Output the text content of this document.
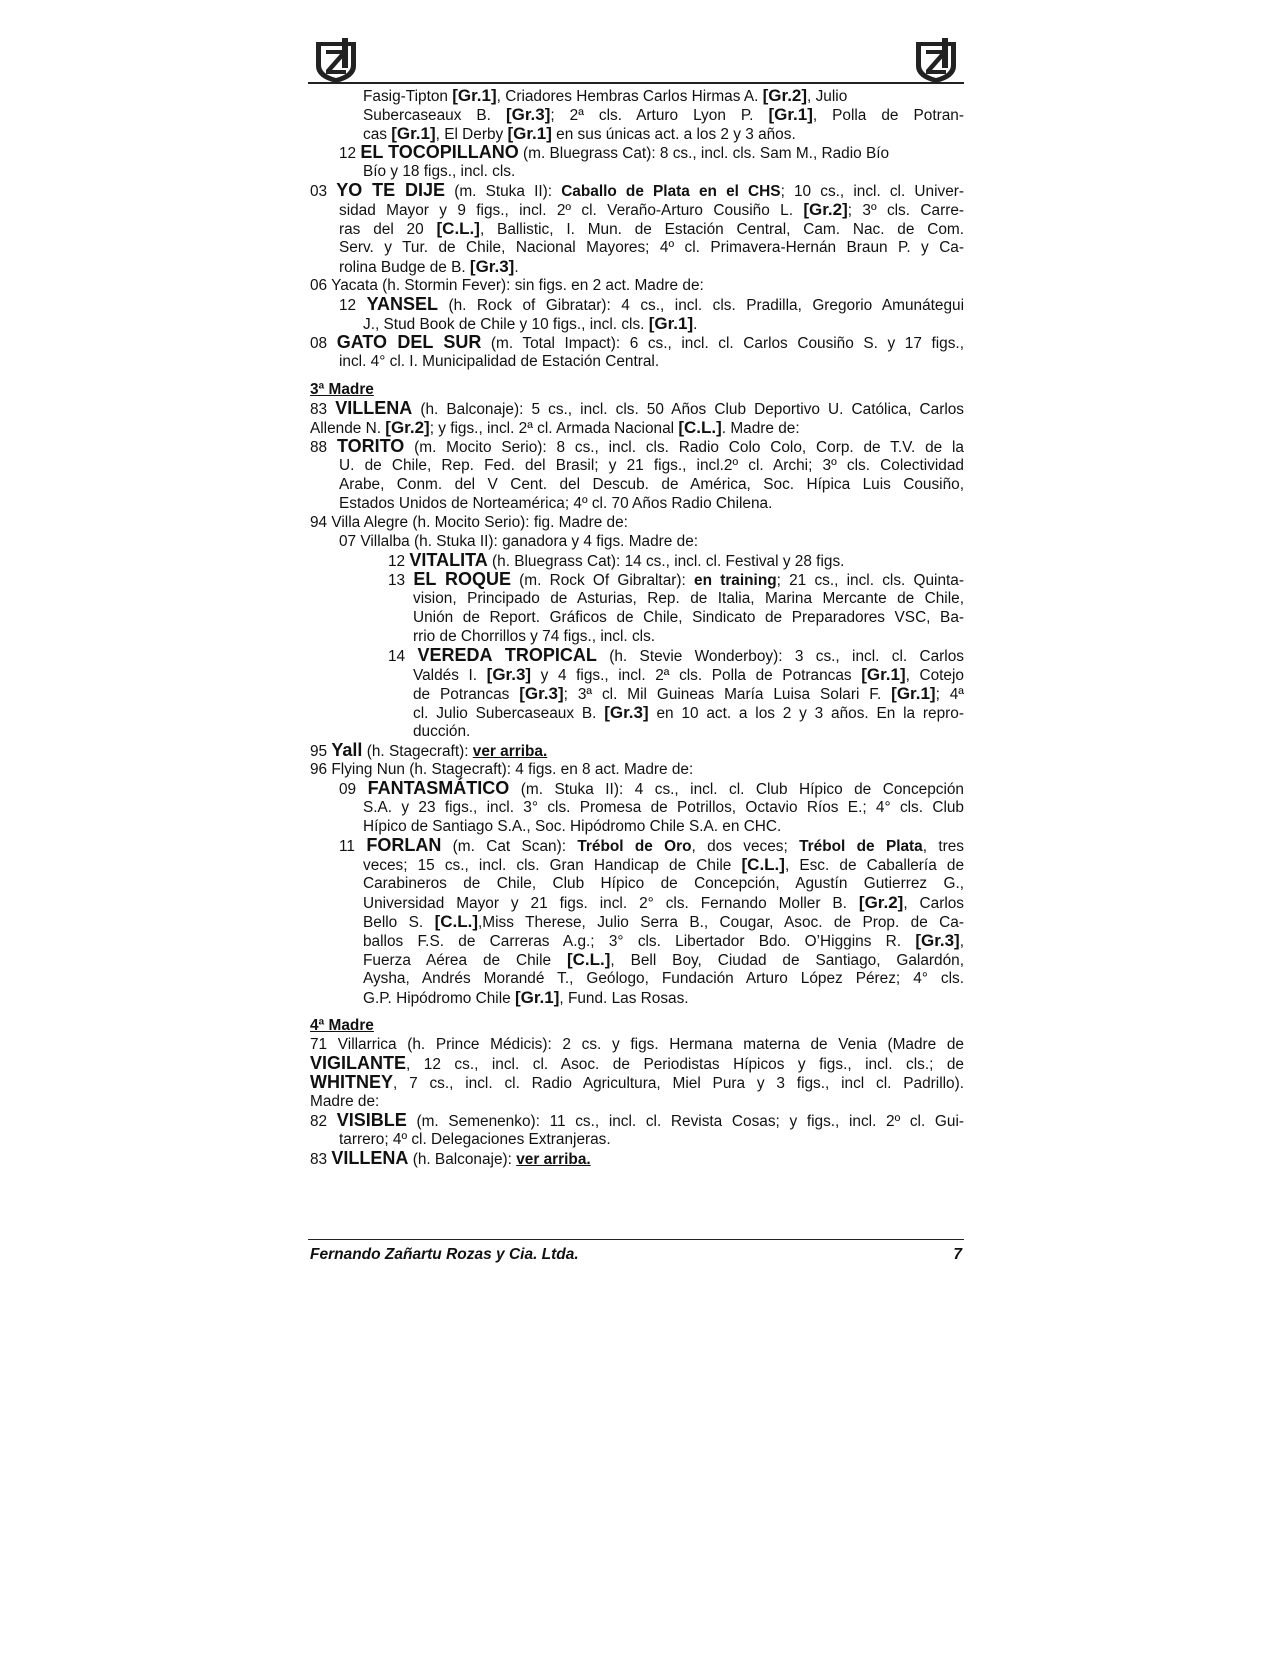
Fasig-Tipton [Gr.1], Criadores Hembras Carlos Hirmas A. [Gr.2], Julio
Subercaseaux B. [Gr.3]; 2ª cls. Arturo Lyon P. [Gr.1], Polla de Potran-
cas [Gr.1], El Derby [Gr.1] en sus únicas act. a los 2 y 3 años.
12 EL TOCOPILLANO (m. Bluegrass Cat): 8 cs., incl. cls. Sam M., Radio Bío
Bío y 18 figs., incl. cls.
03 YO TE DIJE (m. Stuka II): Caballo de Plata en el CHS; 10 cs., incl. cl. Univer-
sidad Mayor y 9 figs., incl. 2º cl. Veraño-Arturo Cousiño L. [Gr.2]; 3º cls. Carre-
ras del 20 [C.L.], Ballistic, I. Mun. de Estación Central, Cam. Nac. de Com.
Serv. y Tur. de Chile, Nacional Mayores; 4º cl. Primavera-Hernán Braun P. y Ca-
rolina Budge de B. [Gr.3].
06 Yacata (h. Stormin Fever): sin figs. en 2 act. Madre de:
12 YANSEL (h. Rock of Gibratar): 4 cs., incl. cls. Pradilla, Gregorio Amunátegui
J., Stud Book de Chile y 10 figs., incl. cls. [Gr.1].
08 GATO DEL SUR (m. Total Impact): 6 cs., incl. cl. Carlos Cousiño S. y 17 figs.,
incl. 4° cl. I. Municipalidad de Estación Central.
3ª Madre
83 VILLENA (h. Balconaje): 5 cs., incl. cls. 50 Años Club Deportivo U. Católica, Carlos
Allende N. [Gr.2]; y figs., incl. 2ª cl. Armada Nacional [C.L.]. Madre de:
88 TORITO (m. Mocito Serio): 8 cs., incl. cls. Radio Colo Colo, Corp. de T.V. de la
U. de Chile, Rep. Fed. del Brasil; y 21 figs., incl.2º cl. Archi; 3º cls. Colectividad
Arabe, Conm. del V Cent. del Descub. de América, Soc. Hípica Luis Cousiño,
Estados Unidos de Norteamérica; 4º cl. 70 Años Radio Chilena.
94 Villa Alegre (h. Mocito Serio): fig. Madre de:
07 Villalba (h. Stuka II): ganadora y 4 figs. Madre de:
12 VITALITA (h. Bluegrass Cat): 14 cs., incl. cl. Festival y 28 figs.
13 EL ROQUE (m. Rock Of Gibraltar): en training; 21 cs., incl. cls. Quinta-
vision, Principado de Asturias, Rep. de Italia, Marina Mercante de Chile,
Unión de Report. Gráficos de Chile, Sindicato de Preparadores VSC, Ba-
rrio de Chorrillos y 74 figs., incl. cls.
14 VEREDA TROPICAL (h. Stevie Wonderboy): 3 cs., incl. cl. Carlos
Valdés I. [Gr.3] y 4 figs., incl. 2ª cls. Polla de Potrancas [Gr.1], Cotejo
de Potrancas [Gr.3]; 3ª cl. Mil Guineas María Luisa Solari F. [Gr.1]; 4ª
cl. Julio Subercaseaux B. [Gr.3] en 10 act. a los 2 y 3 años. En la repro-
ducción.
95 Yall (h. Stagecraft): ver arriba.
96 Flying Nun (h. Stagecraft): 4 figs. en 8 act. Madre de:
09 FANTASMÁTICO (m. Stuka II): 4 cs., incl. cl. Club Hípico de Concepción
S.A. y 23 figs., incl. 3° cls. Promesa de Potrillos, Octavio Ríos E.; 4° cls. Club
Hípico de Santiago S.A., Soc. Hipódromo Chile S.A. en CHC.
11 FORLAN (m. Cat Scan): Trébol de Oro, dos veces; Trébol de Plata, tres
veces; 15 cs., incl. cls. Gran Handicap de Chile [C.L.], Esc. de Caballería de
Carabineros de Chile, Club Hípico de Concepción, Agustín Gutierrez G.,
Universidad Mayor y 21 figs. incl. 2° cls. Fernando Moller B. [Gr.2], Carlos
Bello S. [C.L.],Miss Therese, Julio Serra B., Cougar, Asoc. de Prop. de Ca-
ballos F.S. de Carreras A.g.; 3° cls. Libertador Bdo. O’Higgins R. [Gr.3],
Fuerza Aérea de Chile [C.L.], Bell Boy, Ciudad de Santiago, Galardón,
Aysha, Andrés Morandé T., Geólogo, Fundación Arturo López Pérez; 4° cls.
G.P. Hipódromo Chile [Gr.1], Fund. Las Rosas.
4ª Madre
71 Villarrica (h. Prince Médicis): 2 cs. y figs. Hermana materna de Venia (Madre de
VIGILANTE, 12 cs., incl. cl. Asoc. de Periodistas Hípicos y figs., incl. cls.; de
WHITNEY, 7 cs., incl. cl. Radio Agricultura, Miel Pura y 3 figs., incl cl. Padrillo).
Madre de:
82 VISIBLE (m. Semenenko): 11 cs., incl. cl. Revista Cosas; y figs., incl. 2º cl. Gui-
tarrero; 4º cl. Delegaciones Extranjeras.
83 VILLENA (h. Balconaje): ver arriba.
Fernando Zañartu Rozas y Cia. Ltda.	7
